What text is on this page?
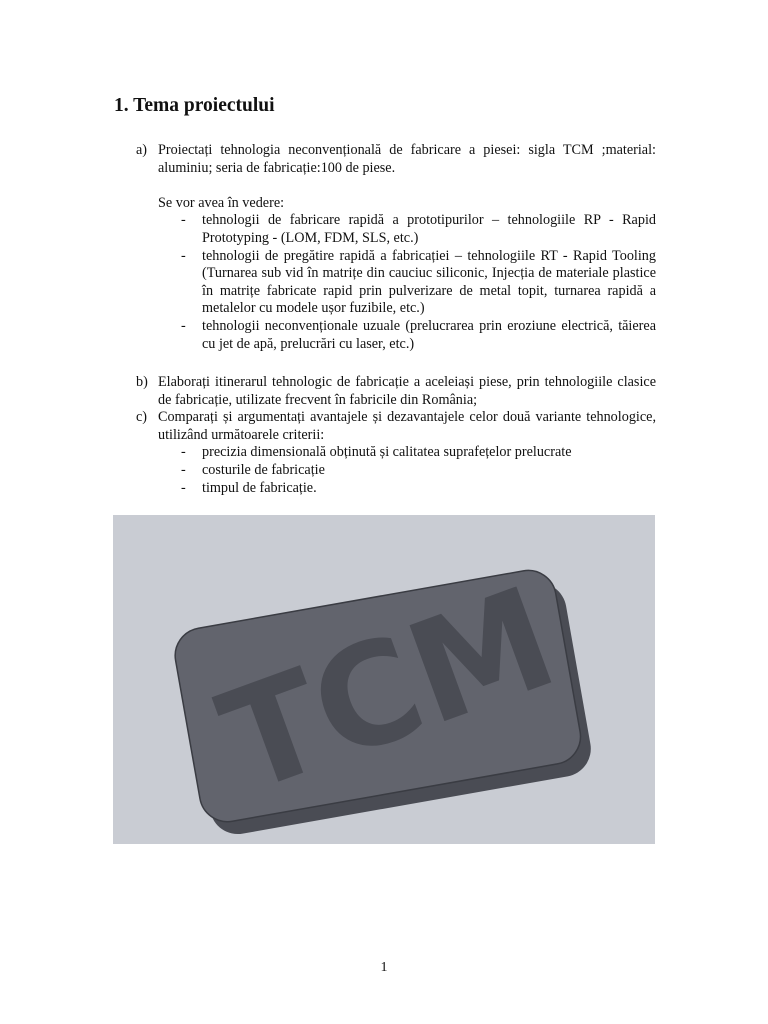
1. Tema proiectului

a) Proiectați tehnologia neconvențională de fabricare a piesei: sigla TCM ;material: aluminiu; seria de fabricație:100 de piese.

Se vor avea în vedere:

- tehnologii de fabricare rapidă a prototipurilor – tehnologiile RP - Rapid Prototyping - (LOM, FDM, SLS, etc.)

- tehnologii de pregătire rapidă a fabricației – tehnologiile RT - Rapid Tooling (Turnarea sub vid în matrițe din cauciuc siliconic, Injecția de materiale plastice în matrițe fabricate rapid prin pulverizare de metal topit, turnarea rapidă a metalelor cu modele ușor fuzibile, etc.)

- tehnologii neconvenționale uzuale (prelucrarea prin eroziune electrică, tăierea cu jet de apă, prelucrări cu laser, etc.)

b) Elaborați itinerarul tehnologic de fabricație a aceleiași piese, prin tehnologiile clasice de fabricație, utilizate frecvent în fabricile din România;

c) Comparați și argumentați avantajele și dezavantajele celor două variante tehnologice, utilizând următoarele criterii:

- precizia dimensională obținută și calitatea suprafețelor prelucrate

- costurile de fabricație

- timpul de fabricație.

1
